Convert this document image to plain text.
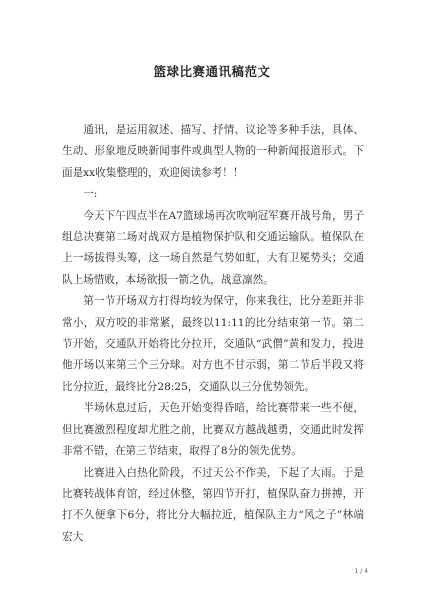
篮球比赛通讯稿范文

通讯，是运用叙述、描写、抒情、议论等多种手法，具体、生动、形象地反映新闻事件或典型人物的一种新闻报道形式。下面是xx收集整理的，欢迎阅读参考！！

一:

今天下午四点半在A7篮球场再次吹响冠军赛开战号角，男子组总决赛第二场对战双方是植物保护队和交通运输队。植保队在上一场拔得头筹，这一场自然是气势如虹，大有卫冕势头；交通队上场惜败，本场欲报一箭之仇，战意凛然。

第一节开场双方打得均较为保守，你来我往，比分差距并非常小，双方咬的非常紧，最终以11:11的比分结束第一节。第二节开始，交通队开始将比分拉开，交通队“武僧”黄和发力，投进他开场以来第三个三分球。对方也不甘示弱，第二节后半段又将比分拉近，最终比分28:25，交通队以三分优势领先。

半场休息过后，天色开始变得昏暗，给比赛带来一些不便，但比赛激烈程度却尤胜之前，比赛双方越战越勇，交通此时发挥非常不错，在第三节结束，取得了8分的领先优势。

比赛进入白热化阶段，不过天公不作美，下起了大雨。于是比赛转战体育馆，经过休整，第四节开打，植保队奋力拼搏，开打不久便拿下6分，将比分大幅拉近，植保队主力“风之子”林端宏大

1 / 4
